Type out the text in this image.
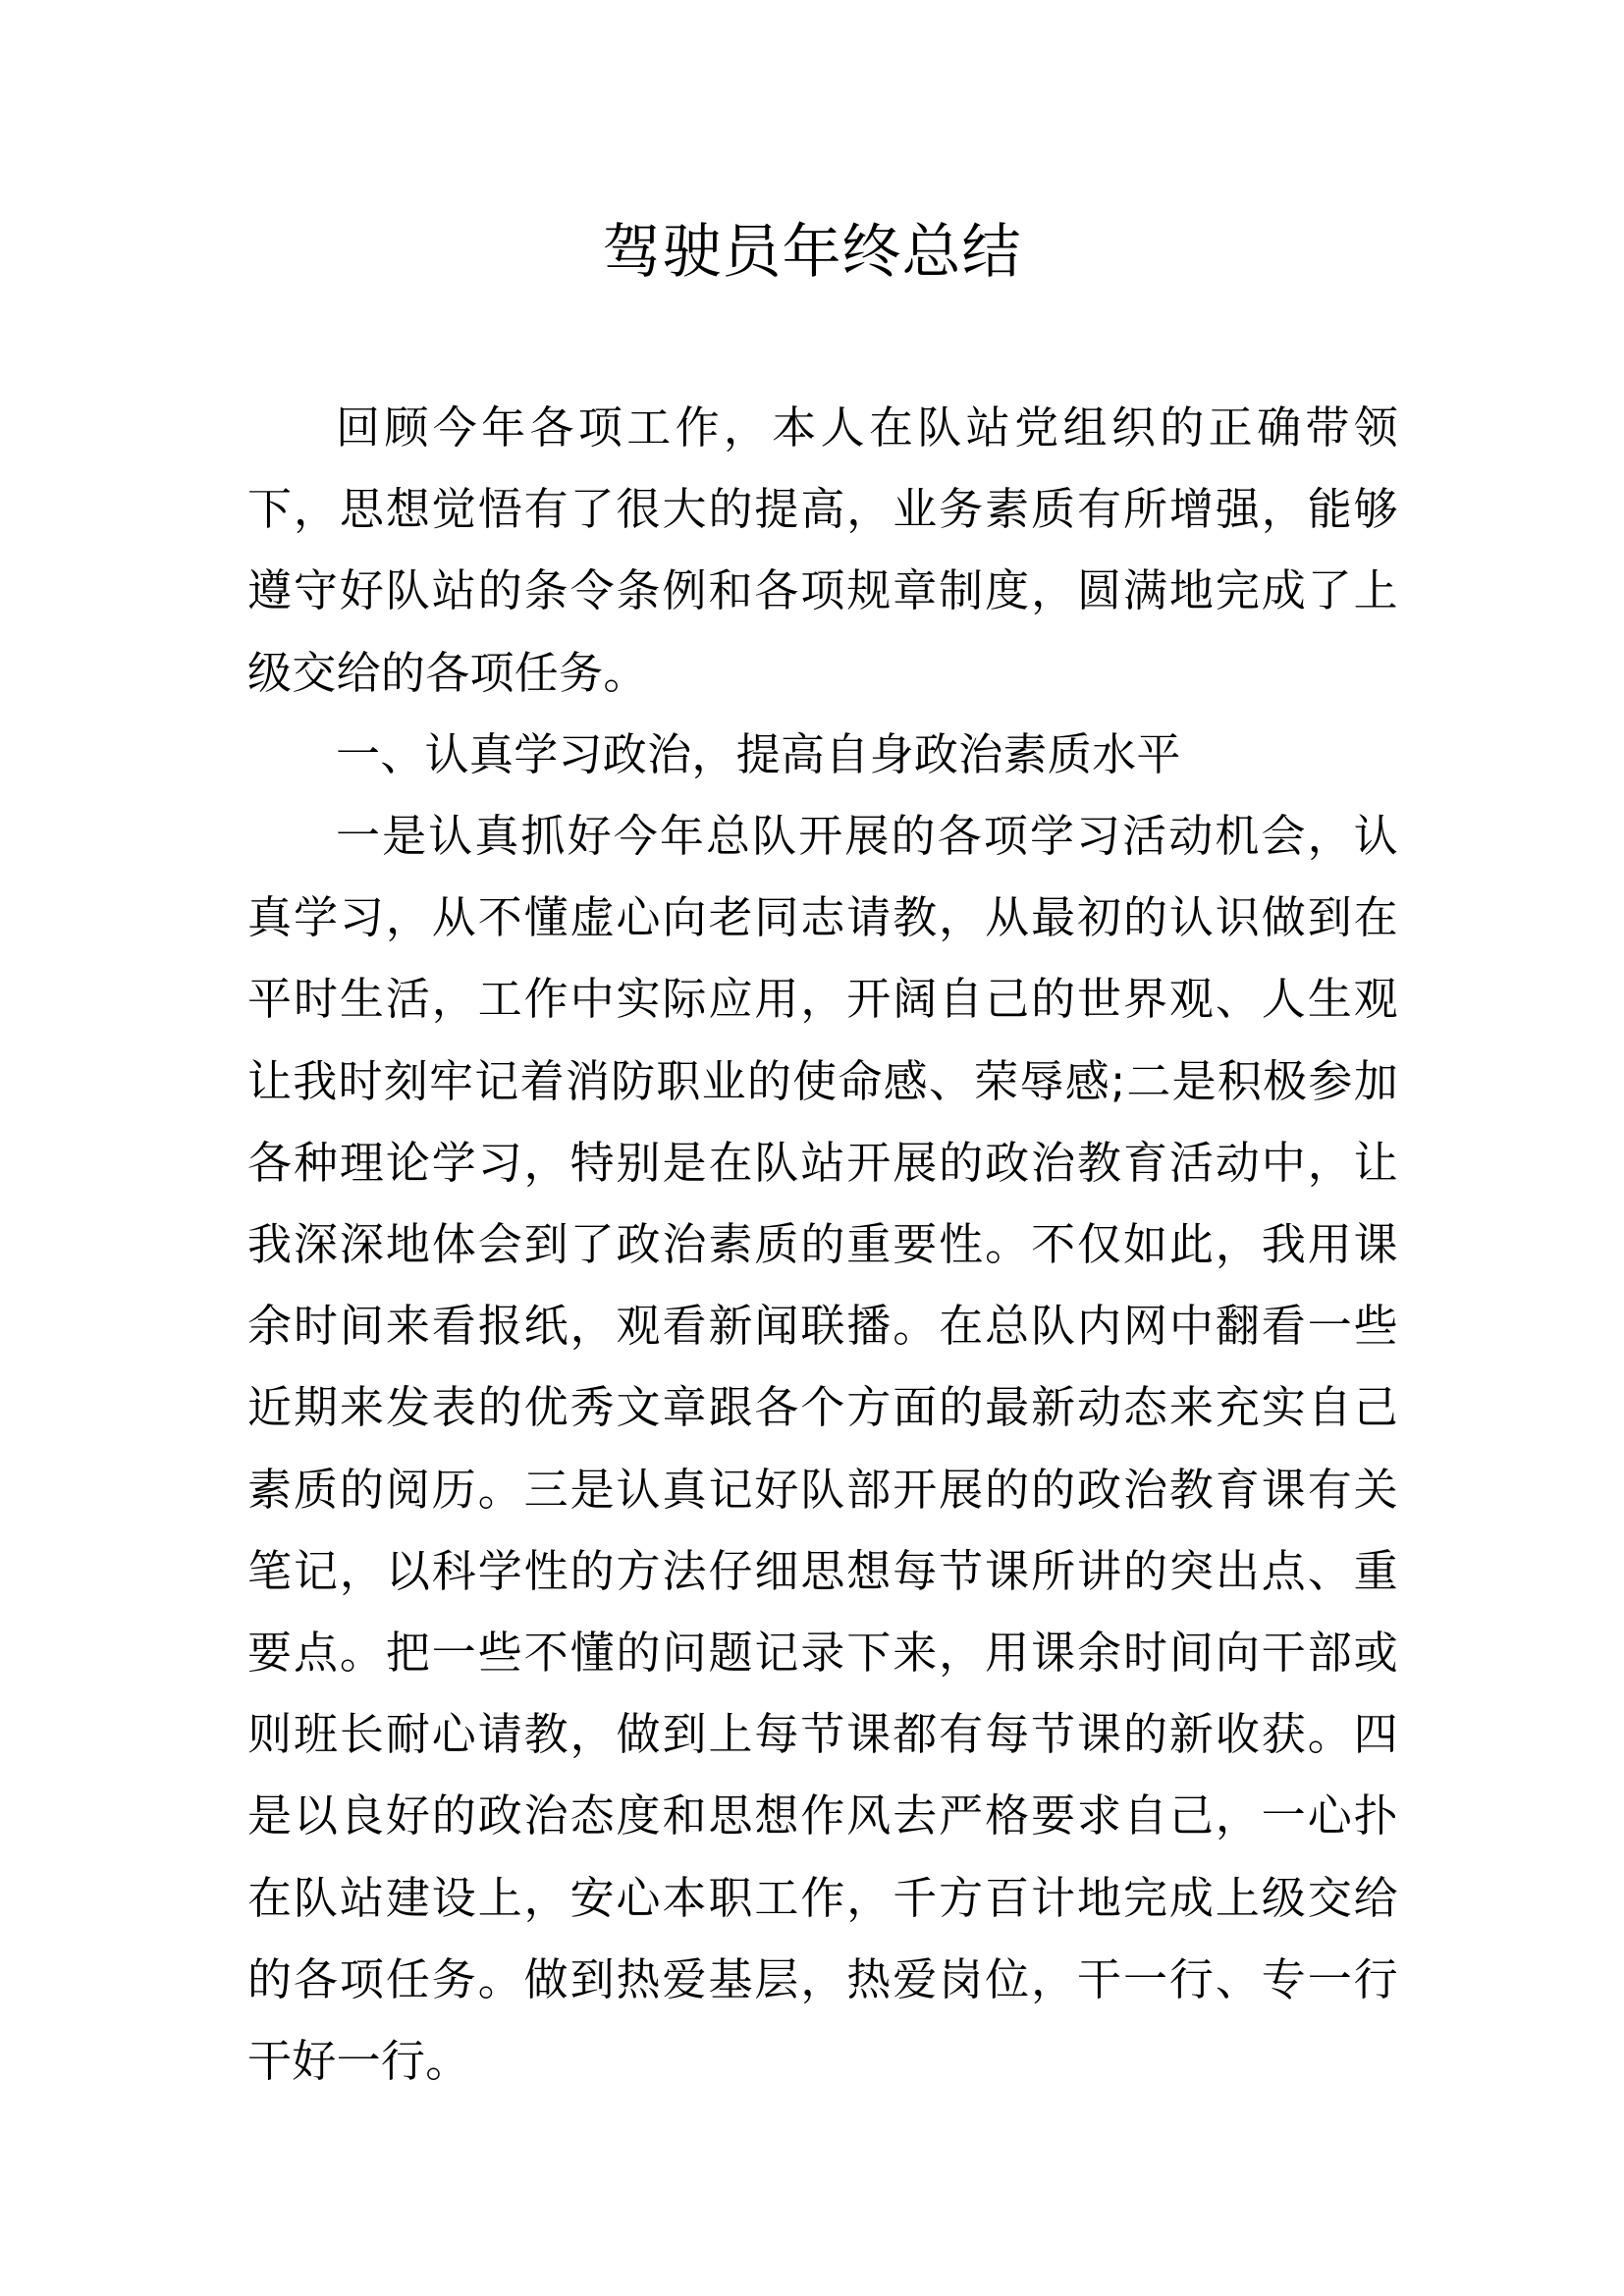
驾驶员年终总结

回顾今年各项工作，本人在队站党组织的正确带领下，思想觉悟有了很大的提高，业务素质有所增强，能够遵守好队站的条令条例和各项规章制度，圆满地完成了上级交给的各项任务。

一、认真学习政治，提高自身政治素质水平

一是认真抓好今年总队开展的各项学习活动机会，认真学习，从不懂虚心向老同志请教，从最初的认识做到在平时生活，工作中实际应用，开阔自己的世界观、人生观让我时刻牢记着消防职业的使命感、荣辱感;二是积极参加各种理论学习，特别是在队站开展的政治教育活动中，让我深深地体会到了政治素质的重要性。不仅如此，我用课余时间来看报纸，观看新闻联播。在总队内网中翻看一些近期来发表的优秀文章跟各个方面的最新动态来充实自己素质的阅历。三是认真记好队部开展的的政治教育课有关笔记，以科学性的方法仔细思想每节课所讲的突出点、重要点。把一些不懂的问题记录下来，用课余时间向干部或则班长耐心请教，做到上每节课都有每节课的新收获。四是以良好的政治态度和思想作风去严格要求自己，一心扑在队站建设上，安心本职工作，千方百计地完成上级交给的各项任务。做到热爱基层，热爱岗位，干一行、专一行干好一行。
